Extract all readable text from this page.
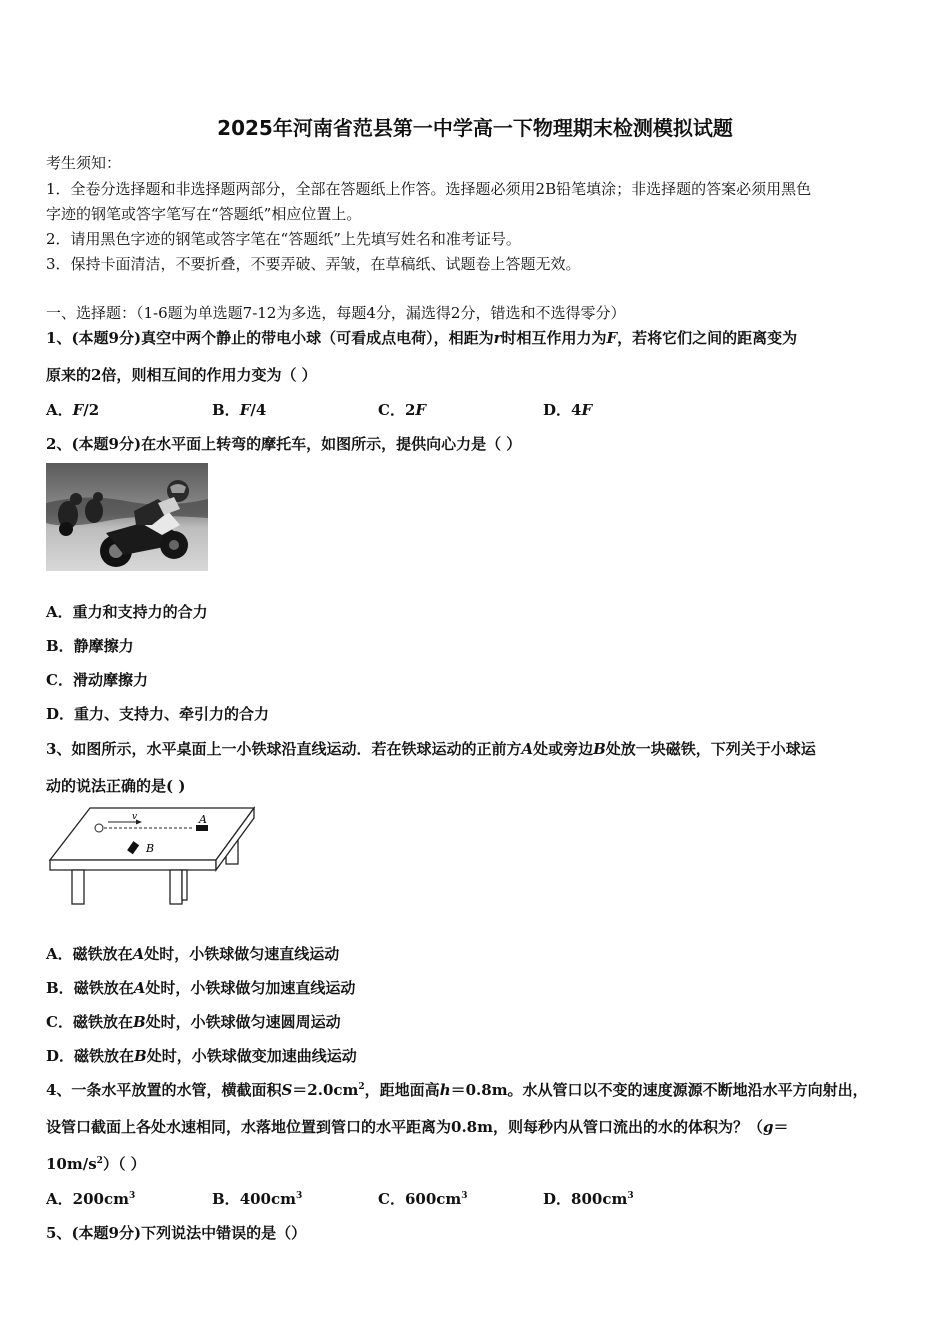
2025年河南省范县第一中学高一下物理期末检测模拟试题
考生须知：
1．全卷分选择题和非选择题两部分，全部在答题纸上作答。选择题必须用2B铅笔填涂；非选择题的答案必须用黑色
字迹的钢笔或答字笔写在“答题纸”相应位置上。
2．请用黑色字迹的钢笔或答字笔在“答题纸”上先填写姓名和准考证号。
3．保持卡面清洁，不要折叠，不要弄破、弄皱，在草稿纸、试题卷上答题无效。
一、选择题：（1-6题为单选题7-12为多选，每题4分，漏选得2分，错选和不选得零分）
1、(本题9分)真空中两个静止的带电小球（可看成点电荷），相距为r时相互作用力为F，若将它们之间的距离变为
原来的2倍，则相互间的作用力变为（ ）
A．F/2	B．F/4	C．2F	D．4F
2、(本题9分)在水平面上转弯的摩托车，如图所示，提供向心力是（ ）
A．重力和支持力的合力
B．静摩擦力
C．滑动摩擦力
D．重力、支持力、牵引力的合力
3、如图所示，水平桌面上一小铁球沿直线运动．若在铁球运动的正前方A处或旁边B处放一块磁铁，下列关于小球运
动的说法正确的是( )
v	A
B
A．磁铁放在A处时，小铁球做匀速直线运动
B．磁铁放在A处时，小铁球做匀加速直线运动
C．磁铁放在B处时，小铁球做匀速圆周运动
D．磁铁放在B处时，小铁球做变加速曲线运动
4、一条水平放置的水管，横截面积$S=2.0cm^2$，距地面高h＝0.8m。水从管口以不变的速度源源不断地沿水平方向射出，
设管口截面上各处水速相同，水落地位置到管口的水平距离为0.8m，则每秒内从管口流出的水的体积为？（g＝
$10m/s^2$）（ ）
A．$200cm^3$	B．$400cm^3$	C．$600cm^3$	D．$800cm^3$
5、(本题9分)下列说法中错误的是（）
